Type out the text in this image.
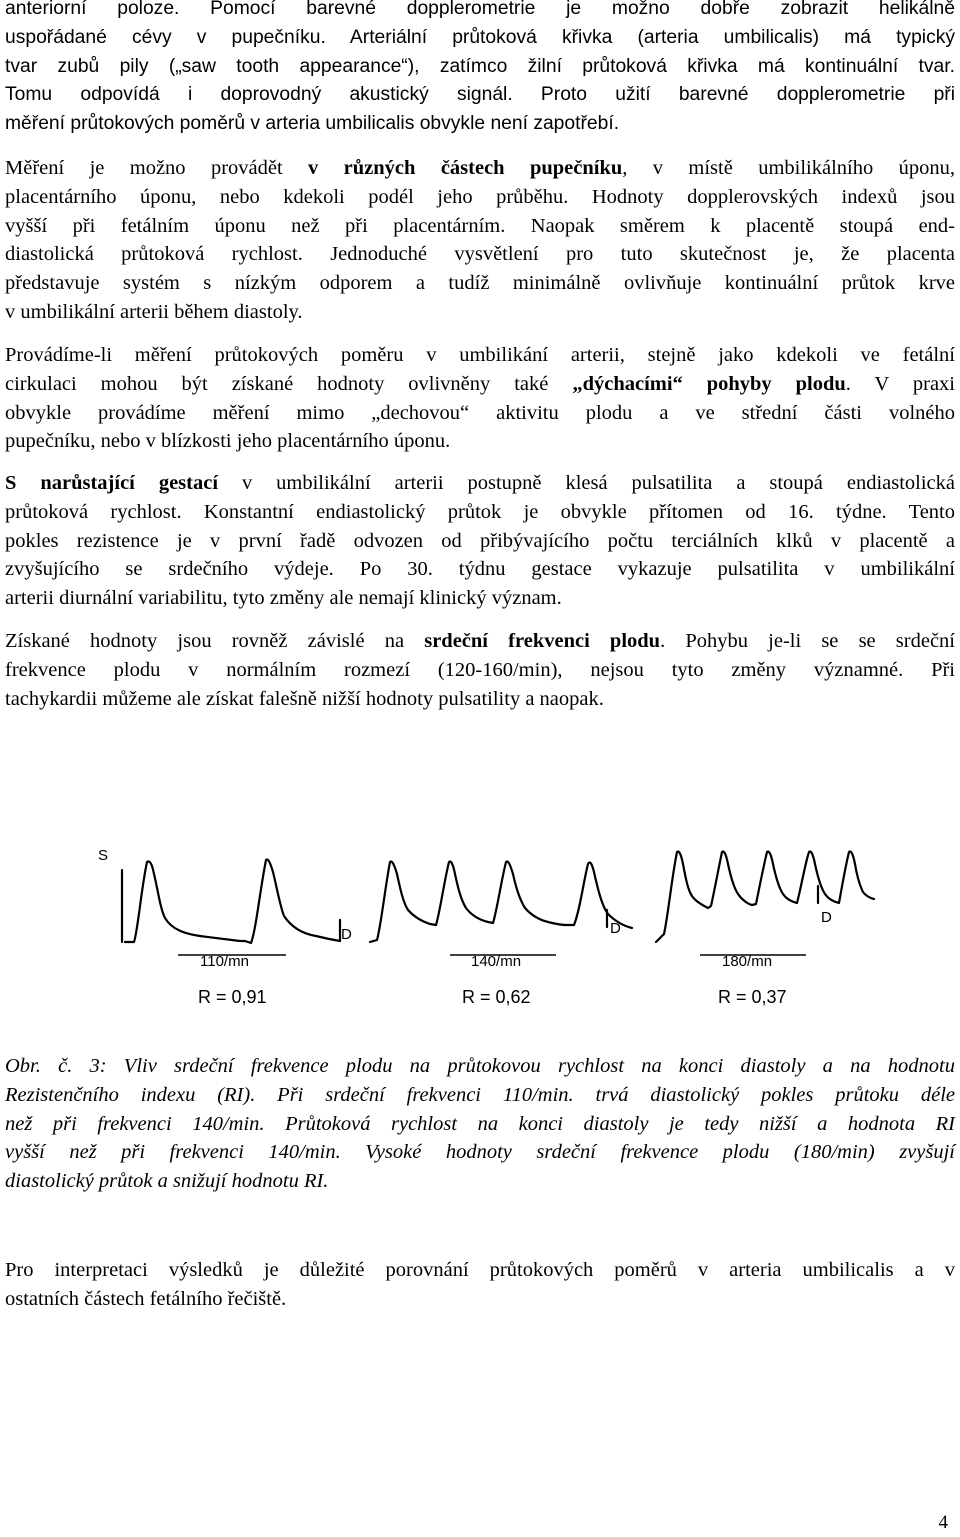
anteriorní poloze. Pomocí barevné dopplerometrie je možno dobře zobrazit helikálně
uspořádané cévy v pupečníku. Arteriální průtoková křivka (arteria umbilicalis) má typický
tvar zubů pily („saw tooth appearance“), zatímco žilní průtoková křivka má kontinuální tvar.
Tomu odpovídá i doprovodný akustický signál. Proto užití barevné dopplerometrie při
měření průtokových poměrů v arteria umbilicalis obvykle není zapotřebí.
Měření je možno provádět v různých částech pupečníku, v místě umbilikálního úponu,
placentárního úponu, nebo kdekoli podél jeho průběhu. Hodnoty dopplerovských indexů jsou
vyšší při fetálním úponu než při placentárním. Naopak směrem k placentě stoupá end-
diastolická průtoková rychlost. Jednoduché vysvětlení pro tuto skutečnost je, že placenta
představuje systém s nízkým odporem a tudíž minimálně ovlivňuje kontinuální průtok krve
v umbilikální arterii během diastoly.
Provádíme-li měření průtokových poměru v umbilikání arterii, stejně jako kdekoli ve fetální
cirkulaci mohou být získané hodnoty ovlivněny také „dýchacími“ pohyby plodu. V praxi
obvykle provádíme měření mimo „dechovou“ aktivitu plodu a ve střední části volného
pupečníku, nebo v blízkosti jeho placentárního úponu.
S narůstající gestací v umbilikální arterii postupně klesá pulsatilita a stoupá endiastolická
průtoková rychlost. Konstantní endiastolický průtok je obvykle přítomen od 16. týdne. Tento
pokles rezistence je v první řadě odvozen od přibývajícího počtu terciálních klků v placentě a
zvyšujícího se srdečního výdeje. Po 30. týdnu gestace vykazuje pulsatilita v umbilikální
arterii diurnální variabilitu, tyto změny ale nemají klinický význam.
Získané hodnoty jsou rovněž závislé na srdeční frekvenci plodu. Pohybu je-li se se srdeční
frekvence plodu v normálním rozmezí (120-160/min), nejsou tyto změny významné. Při
tachykardii můžeme ale získat falešně nižší hodnoty pulsatility a naopak.
S
D	D
D
110/mn	140/mn	180/mn
R = 0,91	R = 0,62	R = 0,37
Obr. č. 3: Vliv srdeční frekvence plodu na průtokovou rychlost na konci diastoly a na hodnotu
Rezistenčního indexu (RI). Při srdeční frekvenci 110/min. trvá diastolický pokles průtoku déle
než při frekvenci 140/min. Průtoková rychlost na konci diastoly je tedy nižší a hodnota RI
vyšší než při frekvenci 140/min. Vysoké hodnoty srdeční frekvence plodu (180/min) zvyšují
diastolický průtok a snižují hodnotu RI.
Pro interpretaci výsledků je důležité porovnání průtokových poměrů v arteria umbilicalis a v
ostatních částech fetálního řečiště.
4
